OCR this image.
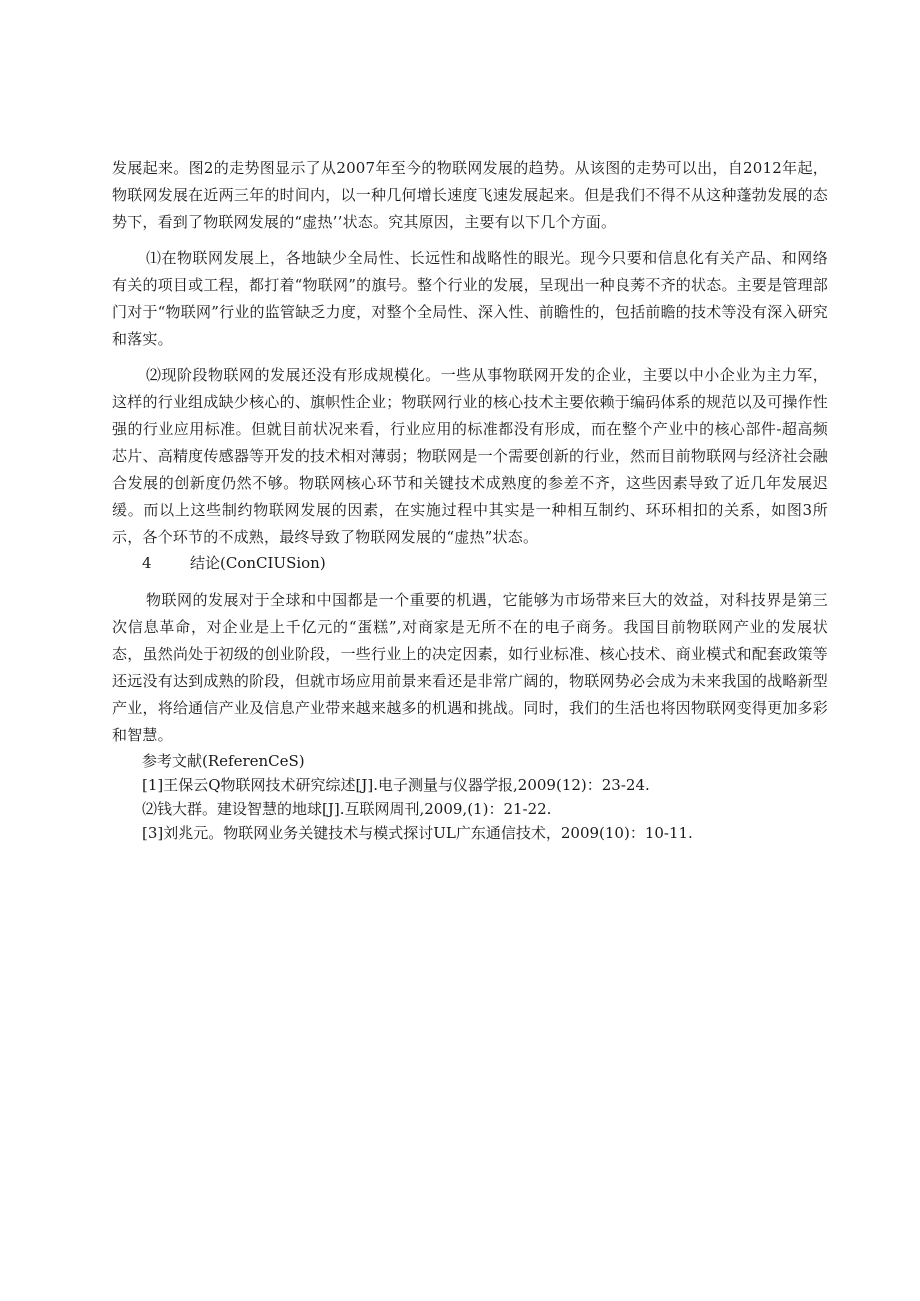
发展起来。图2的走势图显示了从2007年至今的物联网发展的趋势。从该图的走势可以出，自2012年起，物联网发展在近两三年的时间内，以一种几何增长速度飞速发展起来。但是我们不得不从这种蓬勃发展的态势下，看到了物联网发展的“虚热’’状态。究其原因，主要有以下几个方面。

⑴在物联网发展上，各地缺少全局性、长远性和战略性的眼光。现今只要和信息化有关产品、和网络有关的项目或工程，都打着“物联网”的旗号。整个行业的发展，呈现出一种良莠不齐的状态。主要是管理部门对于“物联网”行业的监管缺乏力度，对整个全局性、深入性、前瞻性的，包括前瞻的技术等没有深入研究和落实。

⑵现阶段物联网的发展还没有形成规模化。一些从事物联网开发的企业，主要以中小企业为主力军，这样的行业组成缺少核心的、旗帜性企业；物联网行业的核心技术主要依赖于编码体系的规范以及可操作性强的行业应用标准。但就目前状况来看，行业应用的标准都没有形成，而在整个产业中的核心部件-超高频芯片、高精度传感器等开发的技术相对薄弱；物联网是一个需要创新的行业，然而目前物联网与经济社会融合发展的创新度仍然不够。物联网核心环节和关键技术成熟度的参差不齐，这些因素导致了近几年发展迟缓。而以上这些制约物联网发展的因素，在实施过程中其实是一种相互制约、环环相扣的关系，如图3所示，各个环节的不成熟，最终导致了物联网发展的“虚热”状态。

4	结论(ConCIUSion)

物联网的发展对于全球和中国都是一个重要的机遇，它能够为市场带来巨大的效益，对科技界是第三次信息革命，对企业是上千亿元的“蛋糕”,对商家是无所不在的电子商务。我国目前物联网产业的发展状态，虽然尚处于初级的创业阶段，一些行业上的决定因素，如行业标准、核心技术、商业模式和配套政策等还远没有达到成熟的阶段，但就市场应用前景来看还是非常广阔的，物联网势必会成为未来我国的战略新型产业，将给通信产业及信息产业带来越来越多的机遇和挑战。同时，我们的生活也将因物联网变得更加多彩和智慧。

参考文献(ReferenCeS)

[1]王保云Q物联网技术研究综述[J].电子测量与仪器学报,2009(12)：23-24.

⑵钱大群。建设智慧的地球[J].互联网周刊,2009,(1)：21-22.

[3]刘兆元。物联网业务关键技术与模式探讨UL广东通信技术，2009(10)：10-11.
